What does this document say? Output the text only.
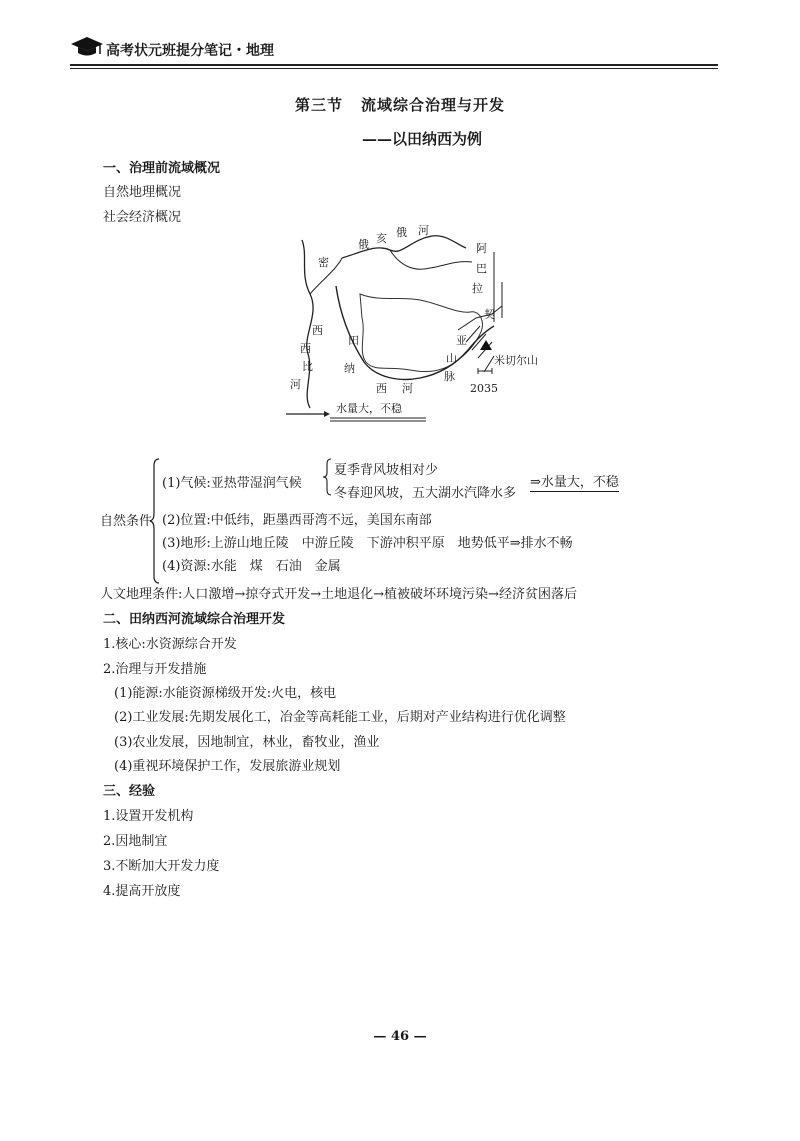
高考状元班提分笔记・地理
第三节 流域综合治理与开发
——以田纳西为例
一、治理前流域概况
自然地理概况
社会经济概况
密
俄 亥 俄 河
阿
巴
拉
契
亚
山
脉
田
纳
西 河
西
西
比
河
米切尔山
2035
水量大，不稳
自然条件
(1)气候:亚热带湿润气候
夏季背风坡相对少
冬春迎风坡，五大湖水汽降水多
⇒水量大，不稳
(2)位置:中低纬，距墨西哥湾不远，美国东南部
(3)地形:上游山地丘陵　中游丘陵　下游冲积平原　地势低平⇒排水不畅
(4)资源:水能　煤　石油　金属
人文地理条件:人口激增→掠夺式开发→土地退化→植被破坏环境污染→经济贫困落后
二、田纳西河流域综合治理开发
1.核心:水资源综合开发
2.治理与开发措施
(1)能源:水能资源梯级开发:火电，核电
(2)工业发展:先期发展化工，冶金等高耗能工业，后期对产业结构进行优化调整
(3)农业发展，因地制宜，林业，畜牧业，渔业
(4)重视环境保护工作，发展旅游业规划
三、经验
1.设置开发机构
2.因地制宜
3.不断加大开发力度
4.提高开放度
— 46 —
